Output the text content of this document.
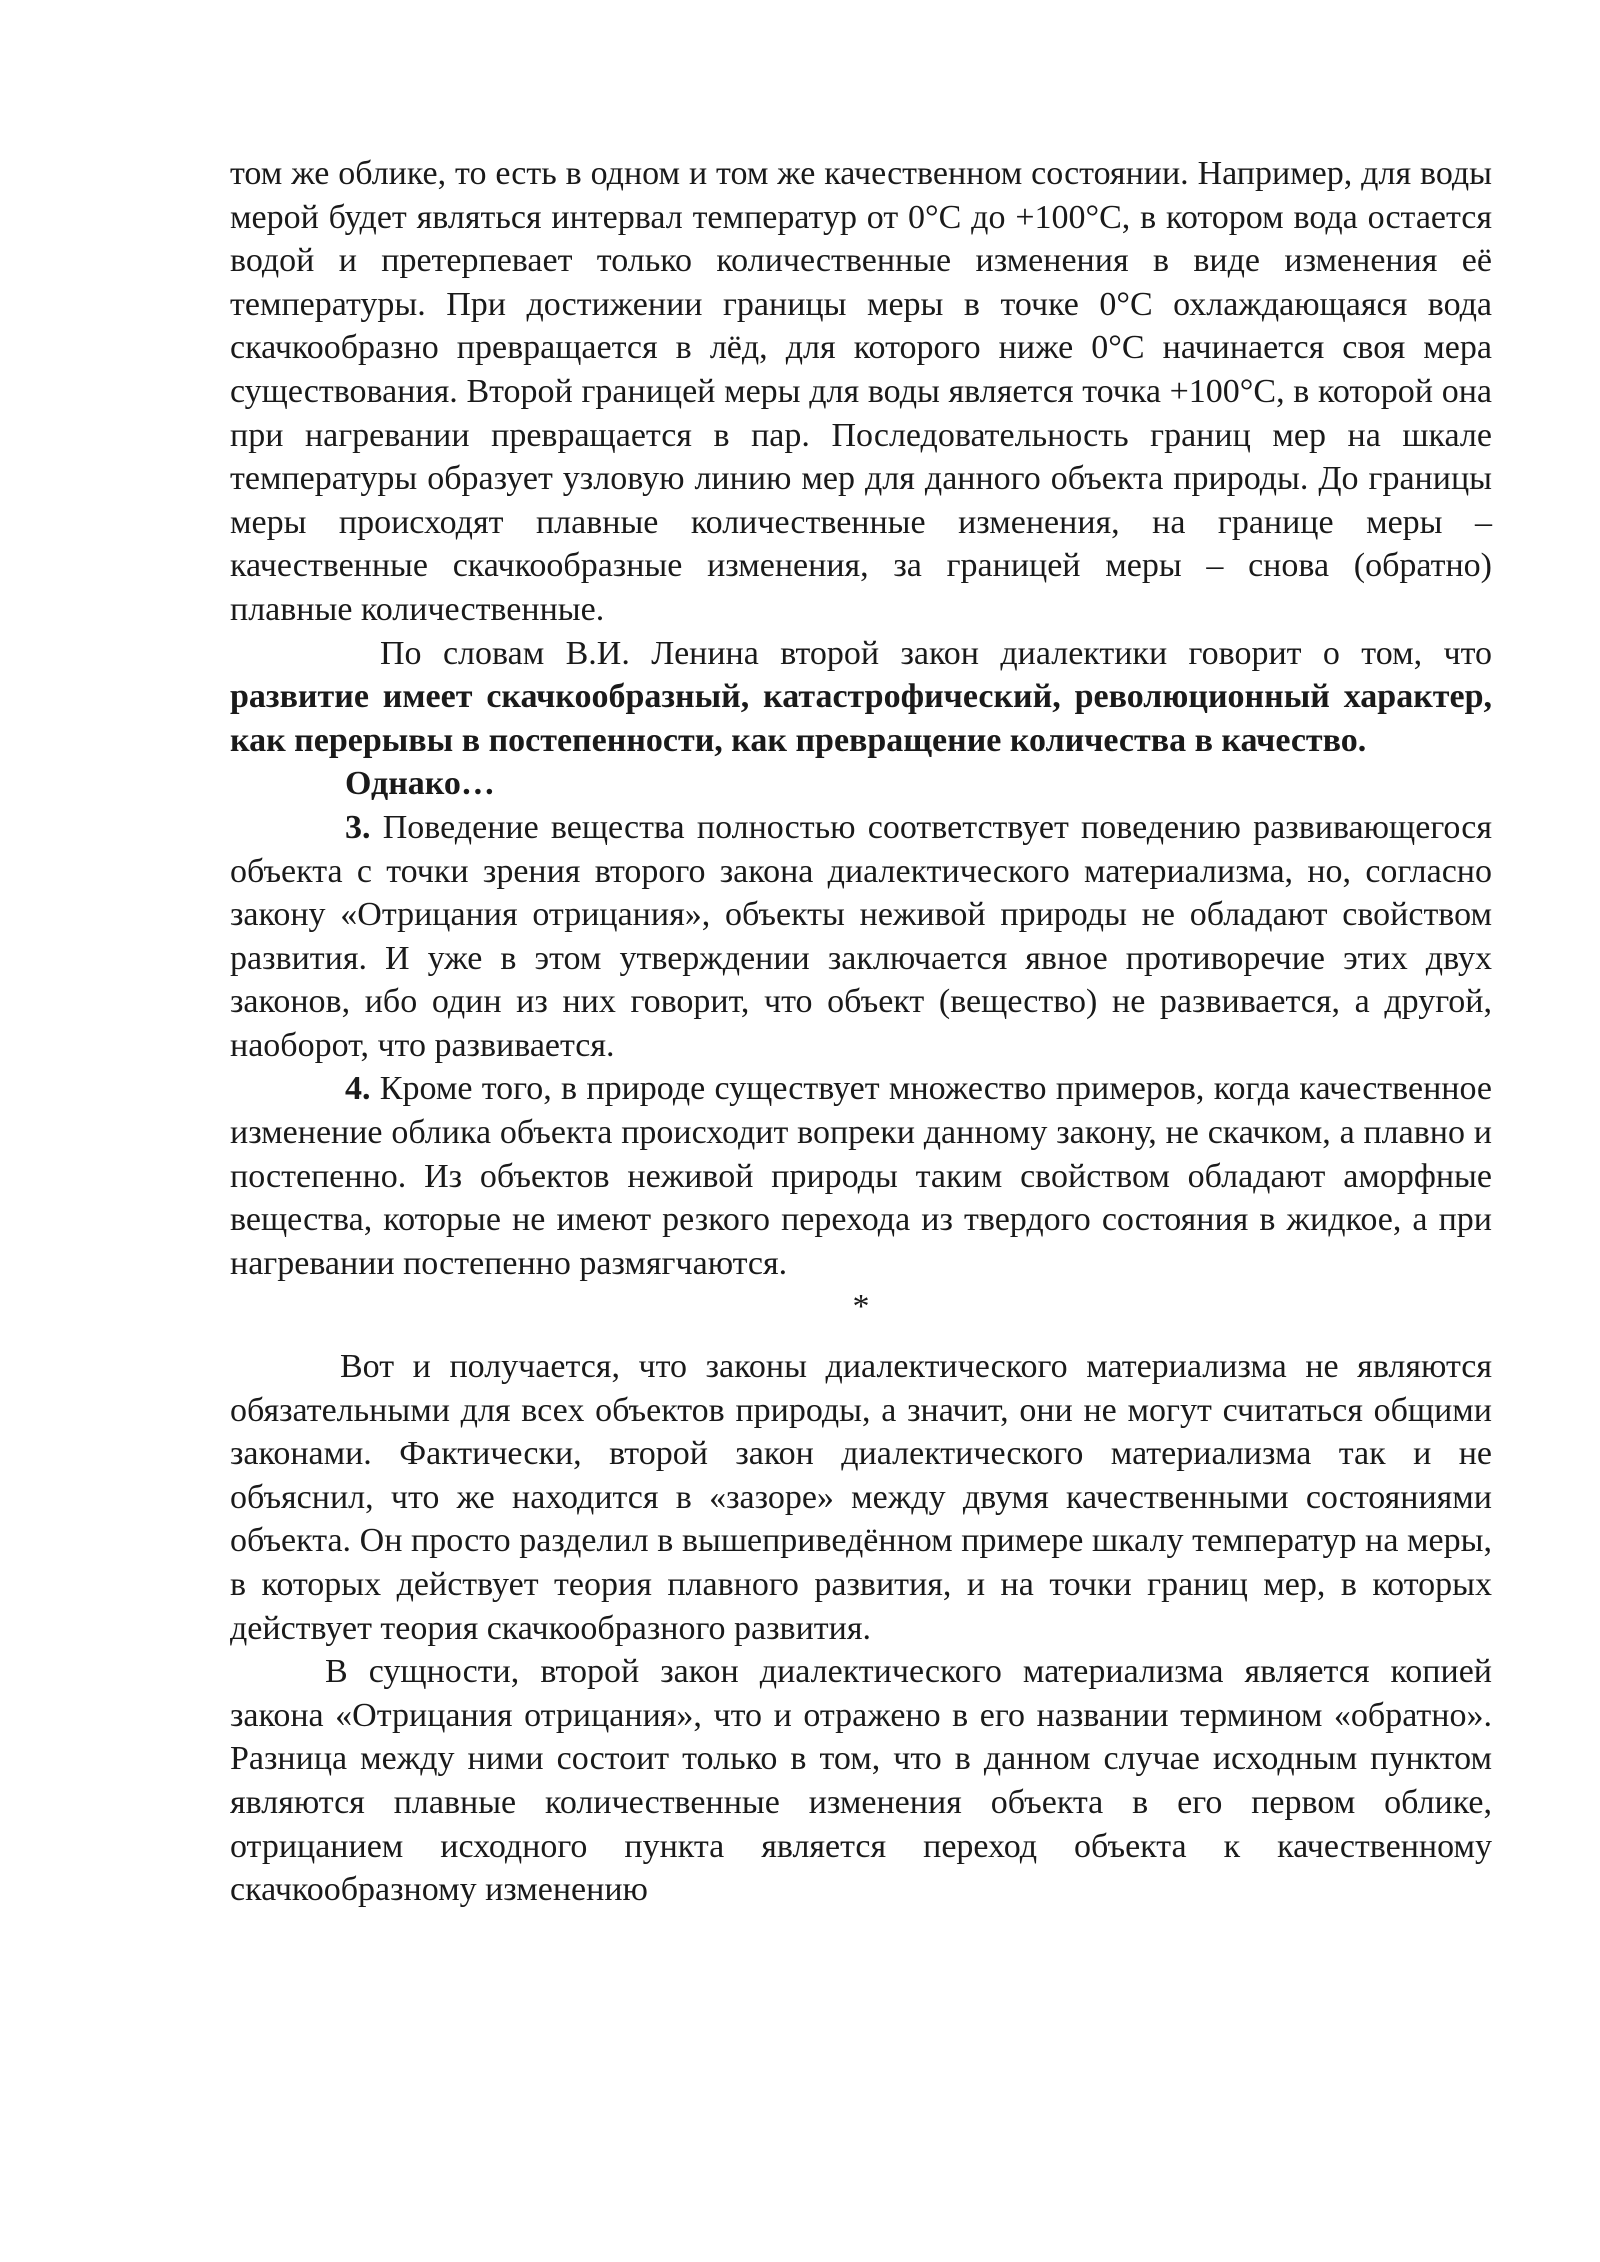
том же облике, то есть в одном и том же качественном состоянии. Например, для воды мерой будет являться интервал температур от 0°С до +100°С, в котором вода остается водой и претерпевает только количественные изменения в виде изменения её температуры. При достижении границы меры в точке 0°С охлаждающаяся вода скачкообразно превращается в лёд, для которого ниже 0°С начинается своя мера существования. Второй границей меры для воды является точка +100°С, в которой она при нагревании превращается в пар. Последовательность границ мер на шкале температуры образует узловую линию мер для данного объекта природы. До границы меры происходят плавные количественные изменения, на границе меры – качественные скачкообразные изменения, за границей меры – снова (обратно) плавные количественные.

По словам В.И. Ленина второй закон диалектики говорит о том, что развитие имеет скачкообразный, катастрофический, революционный характер, как перерывы в постепенности, как превращение количества в качество.

Однако…

3. Поведение вещества полностью соответствует поведению развивающегося объекта с точки зрения второго закона диалектического материализма, но, согласно закону «Отрицания отрицания», объекты неживой природы не обладают свойством развития. И уже в этом утверждении заключается явное противоречие этих двух законов, ибо один из них говорит, что объект (вещество) не развивается, а другой, наоборот, что развивается.

4. Кроме того, в природе существует множество примеров, когда качественное изменение облика объекта происходит вопреки данному закону, не скачком, а плавно и постепенно. Из объектов неживой природы таким свойством обладают аморфные вещества, которые не имеют резкого перехода из твердого состояния в жидкое, а при нагревании постепенно размягчаются.

*

Вот и получается, что законы диалектического материализма не являются обязательными для всех объектов природы, а значит, они не могут считаться общими законами. Фактически, второй закон диалектического материализма так и не объяснил, что же находится в «зазоре» между двумя качественными состояниями объекта. Он просто разделил в вышеприведённом примере шкалу температур на меры, в которых действует теория плавного развития, и на точки границ мер, в которых действует теория скачкообразного развития.

В сущности, второй закон диалектического материализма является копией закона «Отрицания отрицания», что и отражено в его названии термином «обратно». Разница между ними состоит только в том, что в данном случае исходным пунктом являются плавные количественные изменения объекта в его первом облике, отрицанием исходного пункта является переход объекта к качественному скачкообразному изменению
